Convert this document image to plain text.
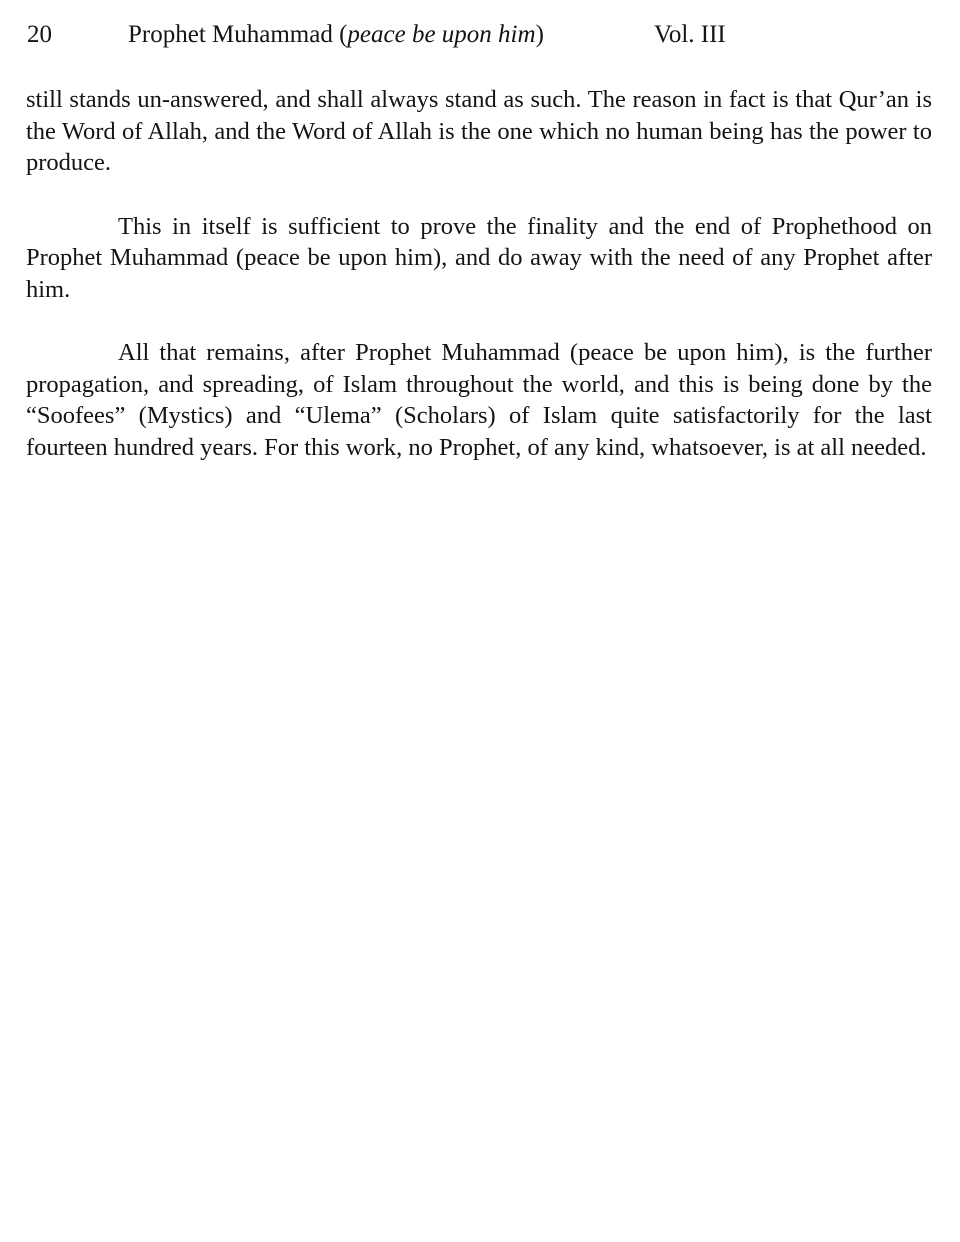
20	Prophet Muhammad (peace be upon him)	Vol. III

still stands un-answered, and shall always stand as such. The reason in fact is that Qur’an is the Word of Allah, and the Word of Allah is the one which no human being has the power to produce.

This in itself is sufficient to prove the finality and the end of Prophethood on Prophet Muhammad (peace be upon him), and do away with the need of any Prophet after him.

All that remains, after Prophet Muhammad (peace be upon him), is the further propagation, and spreading, of Islam throughout the world, and this is being done by the “Soofees” (Mystics) and “Ulema” (Scholars) of Islam quite satisfactorily for the last fourteen hundred years. For this work, no Prophet, of any kind, whatsoever, is at all needed.
